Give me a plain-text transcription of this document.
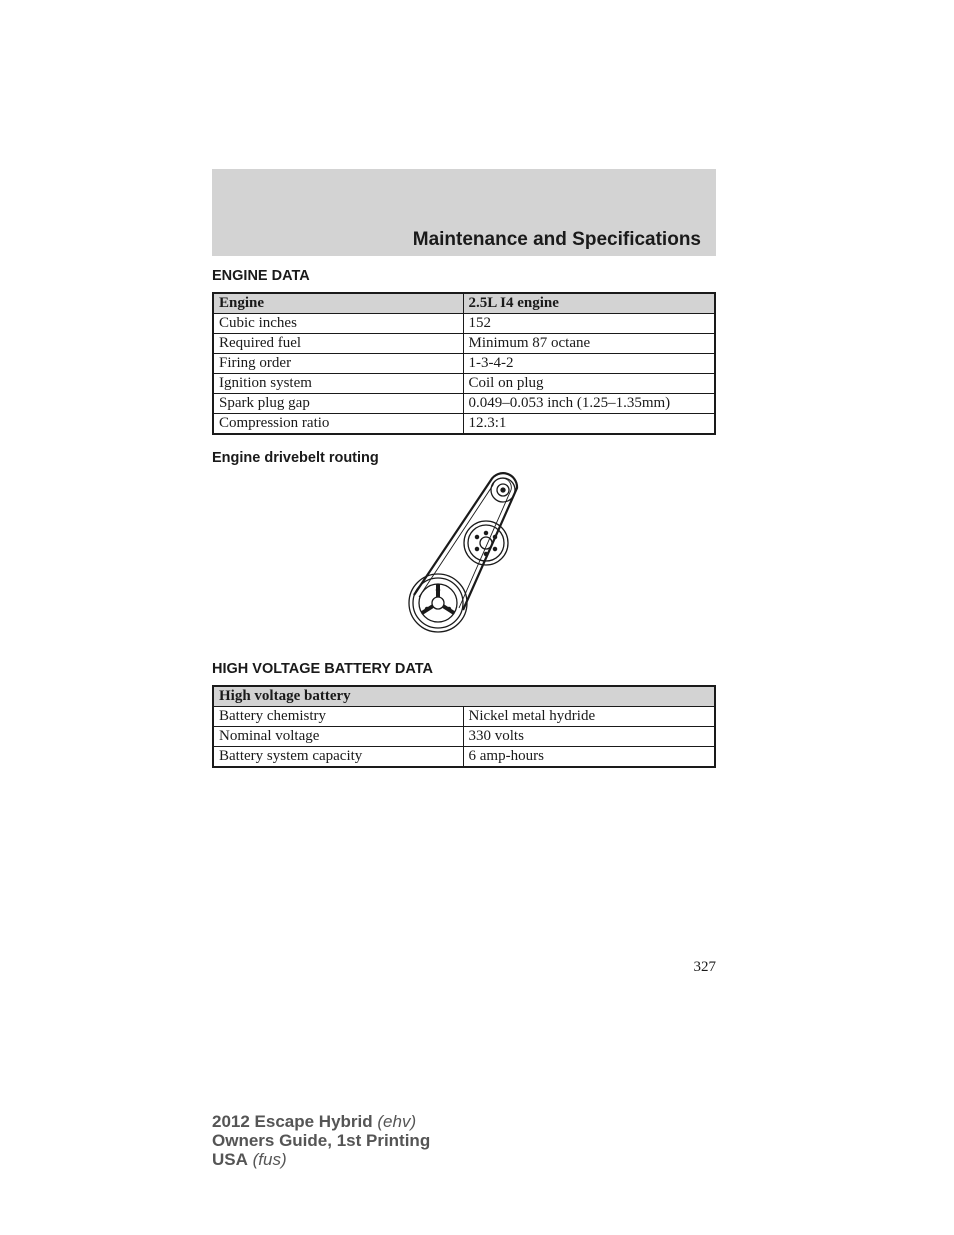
Maintenance and Specifications
ENGINE DATA
Engine	2.5L I4 engine
Cubic inches	152
Required fuel	Minimum 87 octane
Firing order	1-3-4-2
Ignition system	Coil on plug
Spark plug gap	0.049–0.053 inch (1.25–1.35mm)
Compression ratio	12.3:1
Engine drivebelt routing
HIGH VOLTAGE BATTERY DATA
High voltage battery	
Battery chemistry	Nickel metal hydride
Nominal voltage	330 volts
Battery system capacity	6 amp-hours
327
2012 Escape Hybrid (ehv)
Owners Guide, 1st Printing
USA (fus)
